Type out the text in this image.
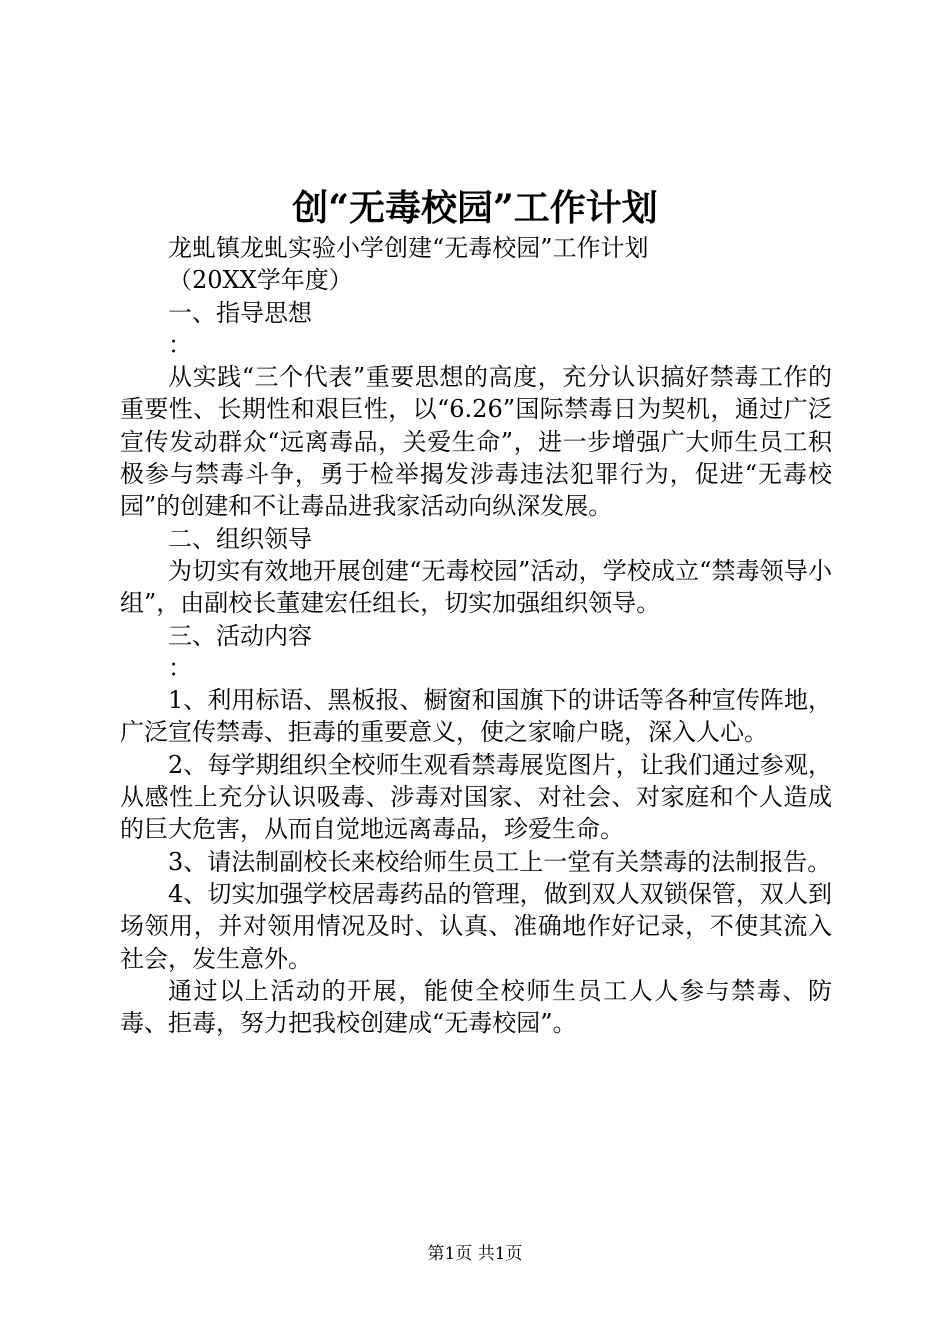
创“无毒校园”工作计划

龙虬镇龙虬实验小学创建“无毒校园”工作计划

（20XX学年度）

一、指导思想

：

从实践“三个代表”重要思想的高度，充分认识搞好禁毒工作的重要性、长期性和艰巨性，以“6.26”国际禁毒日为契机，通过广泛宣传发动群众“远离毒品，关爱生命”，进一步增强广大师生员工积极参与禁毒斗争，勇于检举揭发涉毒违法犯罪行为，促进“无毒校园”的创建和不让毒品进我家活动向纵深发展。

二、组织领导

为切实有效地开展创建“无毒校园”活动，学校成立“禁毒领导小组”，由副校长董建宏任组长，切实加强组织领导。

三、活动内容

：

1、利用标语、黑板报、橱窗和国旗下的讲话等各种宣传阵地，广泛宣传禁毒、拒毒的重要意义，使之家喻户晓，深入人心。

2、每学期组织全校师生观看禁毒展览图片，让我们通过参观，从感性上充分认识吸毒、涉毒对国家、对社会、对家庭和个人造成的巨大危害，从而自觉地远离毒品，珍爱生命。

3、请法制副校长来校给师生员工上一堂有关禁毒的法制报告。

4、切实加强学校居毒药品的管理，做到双人双锁保管，双人到场领用，并对领用情况及时、认真、准确地作好记录，不使其流入社会，发生意外。

通过以上活动的开展，能使全校师生员工人人参与禁毒、防毒、拒毒，努力把我校创建成“无毒校园”。

第1页 共1页
